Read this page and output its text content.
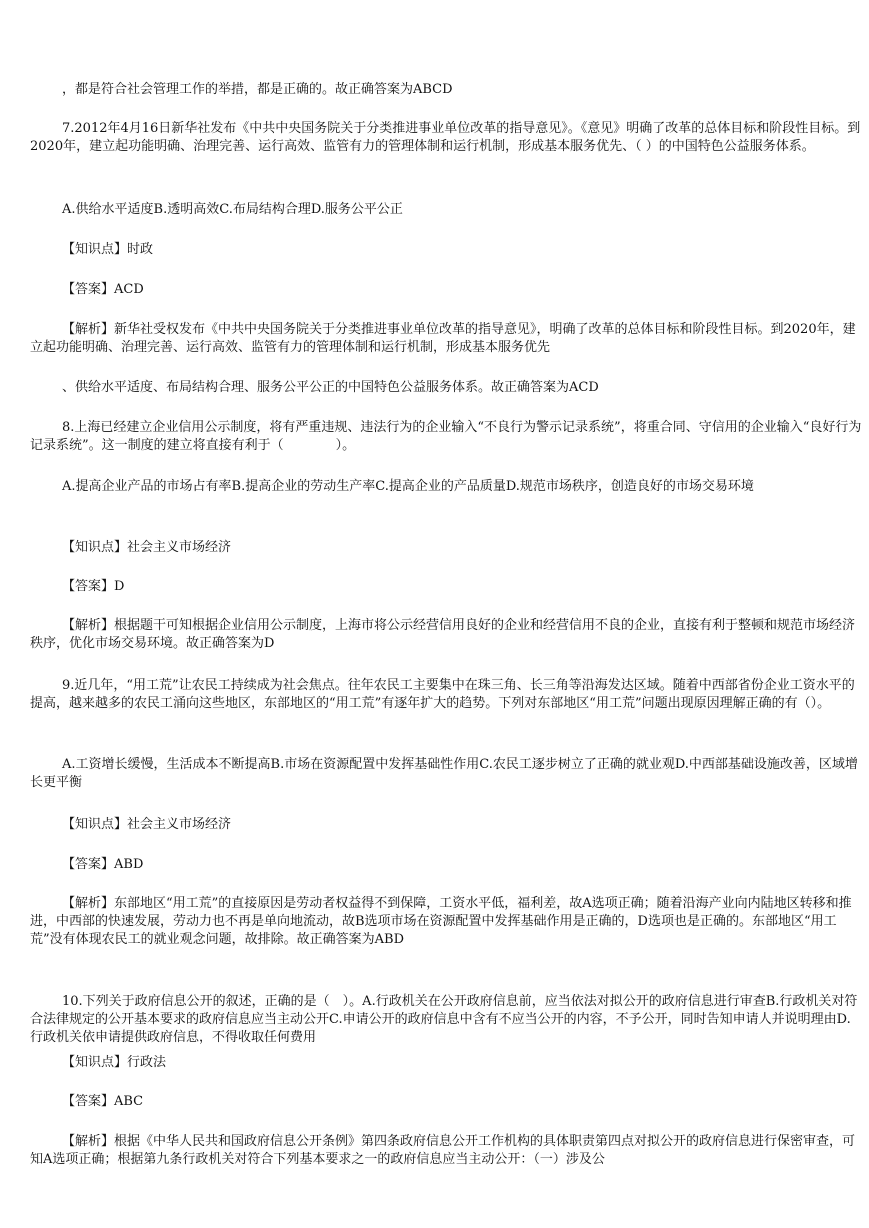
，都是符合社会管理工作的举措，都是正确的。故正确答案为ABCD

7.2012年4月16日新华社发布《中共中央国务院关于分类推进事业单位改革的指导意见》。《意见》明确了改革的总体目标和阶段性目标。到2020年，建立起功能明确、治理完善、运行高效、监管有力的管理体制和运行机制，形成基本服务优先、（ ）的中国特色公益服务体系。

A.供给水平适度B.透明高效C.布局结构合理D.服务公平公正

【知识点】时政

【答案】ACD

【解析】新华社受权发布《中共中央国务院关于分类推进事业单位改革的指导意见》，明确了改革的总体目标和阶段性目标。到2020年，建立起功能明确、治理完善、运行高效、监管有力的管理体制和运行机制，形成基本服务优先

、供给水平适度、布局结构合理、服务公平公正的中国特色公益服务体系。故正确答案为ACD

8.上海已经建立企业信用公示制度，将有严重违规、违法行为的企业输入“不良行为警示记录系统”，将重合同、守信用的企业输入“良好行为记录系统”。这一制度的建立将直接有利于（　　　　）。

A.提高企业产品的市场占有率B.提高企业的劳动生产率C.提高企业的产品质量D.规范市场秩序，创造良好的市场交易环境

【知识点】社会主义市场经济

【答案】D

【解析】根据题干可知根据企业信用公示制度，上海市将公示经营信用良好的企业和经营信用不良的企业，直接有利于整顿和规范市场经济秩序，优化市场交易环境。故正确答案为D

9.近几年，“用工荒”让农民工持续成为社会焦点。往年农民工主要集中在珠三角、长三角等沿海发达区域。随着中西部省份企业工资水平的提高，越来越多的农民工涌向这些地区，东部地区的“用工荒”有逐年扩大的趋势。下列对东部地区“用工荒”问题出现原因理解正确的有（）。

A.工资增长缓慢，生活成本不断提高B.市场在资源配置中发挥基础性作用C.农民工逐步树立了正确的就业观D.中西部基础设施改善，区域增长更平衡

【知识点】社会主义市场经济

【答案】ABD

【解析】东部地区“用工荒”的直接原因是劳动者权益得不到保障，工资水平低，福利差，故A选项正确；随着沿海产业向内陆地区转移和推进，中西部的快速发展，劳动力也不再是单向地流动，故B选项市场在资源配置中发挥基础作用是正确的，D选项也是正确的。东部地区“用工荒”没有体现农民工的就业观念问题，故排除。故正确答案为ABD

10.下列关于政府信息公开的叙述，正确的是（　）。A.行政机关在公开政府信息前，应当依法对拟公开的政府信息进行审查B.行政机关对符合法律规定的公开基本要求的政府信息应当主动公开C.申请公开的政府信息中含有不应当公开的内容，不予公开，同时告知申请人并说明理由D.行政机关依申请提供政府信息，不得收取任何费用

【知识点】行政法

【答案】ABC

【解析】根据《中华人民共和国政府信息公开条例》第四条政府信息公开工作机构的具体职责第四点对拟公开的政府信息进行保密审查，可知A选项正确；根据第九条行政机关对符合下列基本要求之一的政府信息应当主动公开：（一）涉及公
